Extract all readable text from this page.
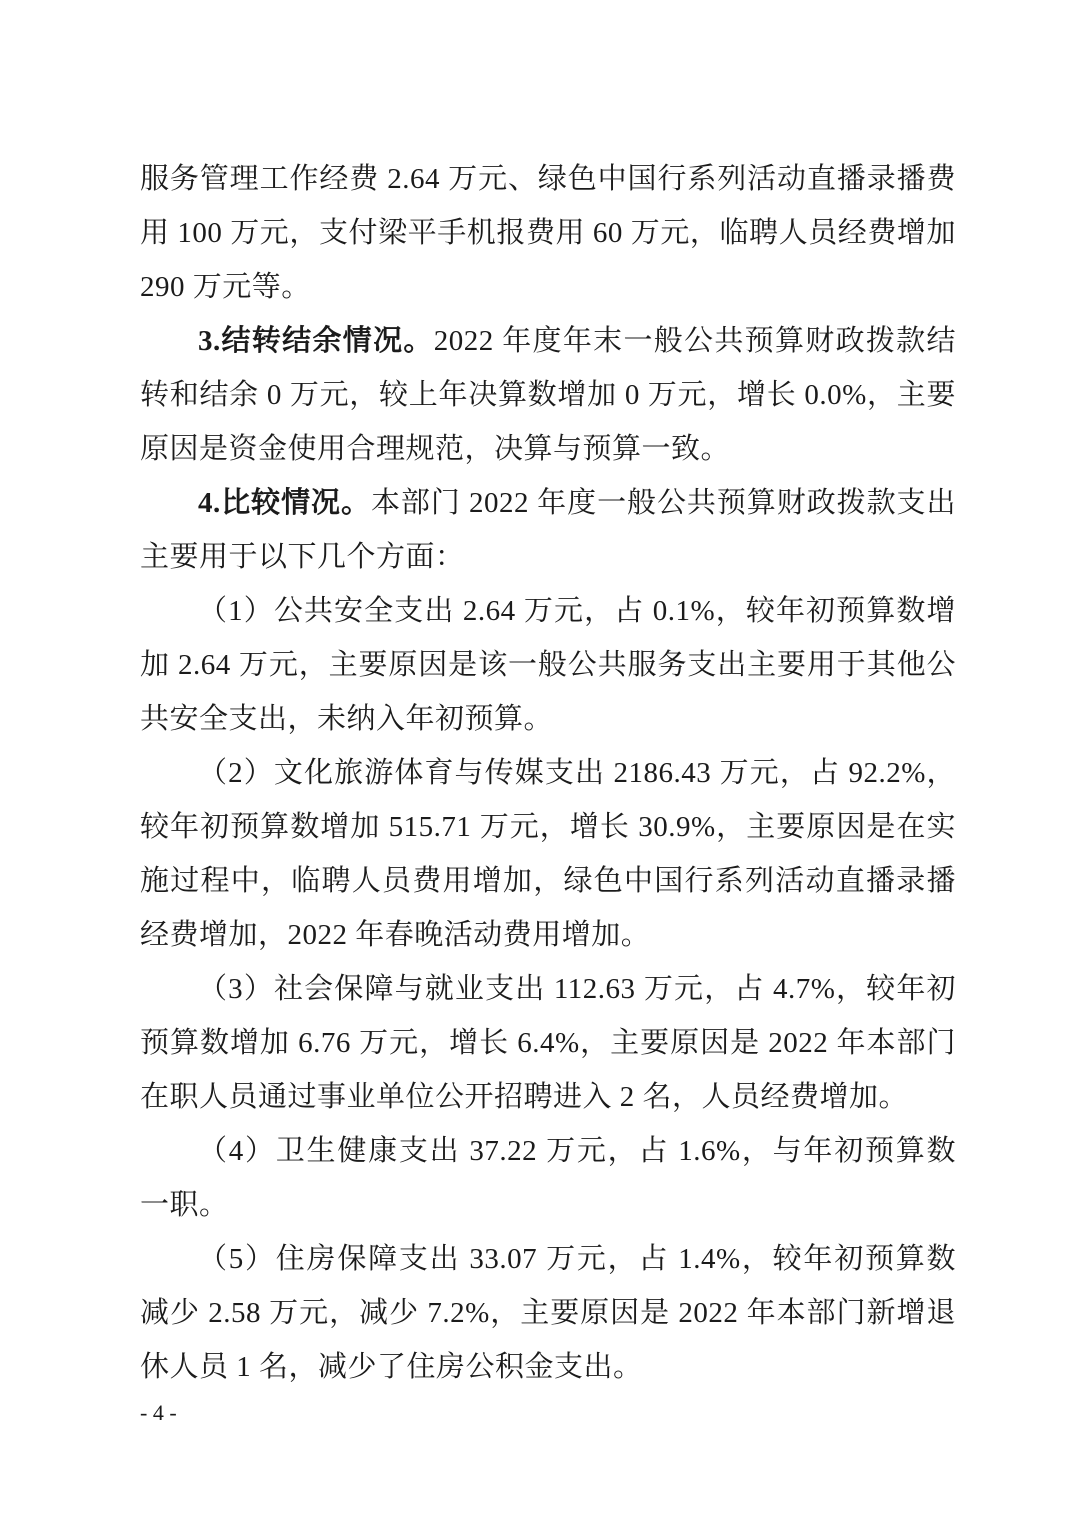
服务管理工作经费 2.64 万元、绿色中国行系列活动直播录播费用 100 万元，支付梁平手机报费用 60 万元，临聘人员经费增加 290 万元等。

3.结转结余情况。2022 年度年末一般公共预算财政拨款结转和结余 0 万元，较上年决算数增加 0 万元，增长 0.0%，主要原因是资金使用合理规范，决算与预算一致。

4.比较情况。本部门 2022 年度一般公共预算财政拨款支出主要用于以下几个方面：

（1）公共安全支出 2.64 万元，占 0.1%，较年初预算数增加 2.64 万元，主要原因是该一般公共服务支出主要用于其他公共安全支出，未纳入年初预算。

（2）文化旅游体育与传媒支出 2186.43 万元，占 92.2%，较年初预算数增加 515.71 万元，增长 30.9%，主要原因是在实施过程中，临聘人员费用增加，绿色中国行系列活动直播录播经费增加，2022 年春晚活动费用增加。

（3）社会保障与就业支出 112.63 万元，占 4.7%，较年初预算数增加 6.76 万元，增长 6.4%，主要原因是 2022 年本部门在职人员通过事业单位公开招聘进入 2 名，人员经费增加。

（4）卫生健康支出 37.22 万元，占 1.6%，与年初预算数一职。

（5）住房保障支出 33.07 万元，占 1.4%，较年初预算数减少 2.58 万元，减少 7.2%，主要原因是 2022 年本部门新增退休人员 1 名，减少了住房公积金支出。

- 4 -
